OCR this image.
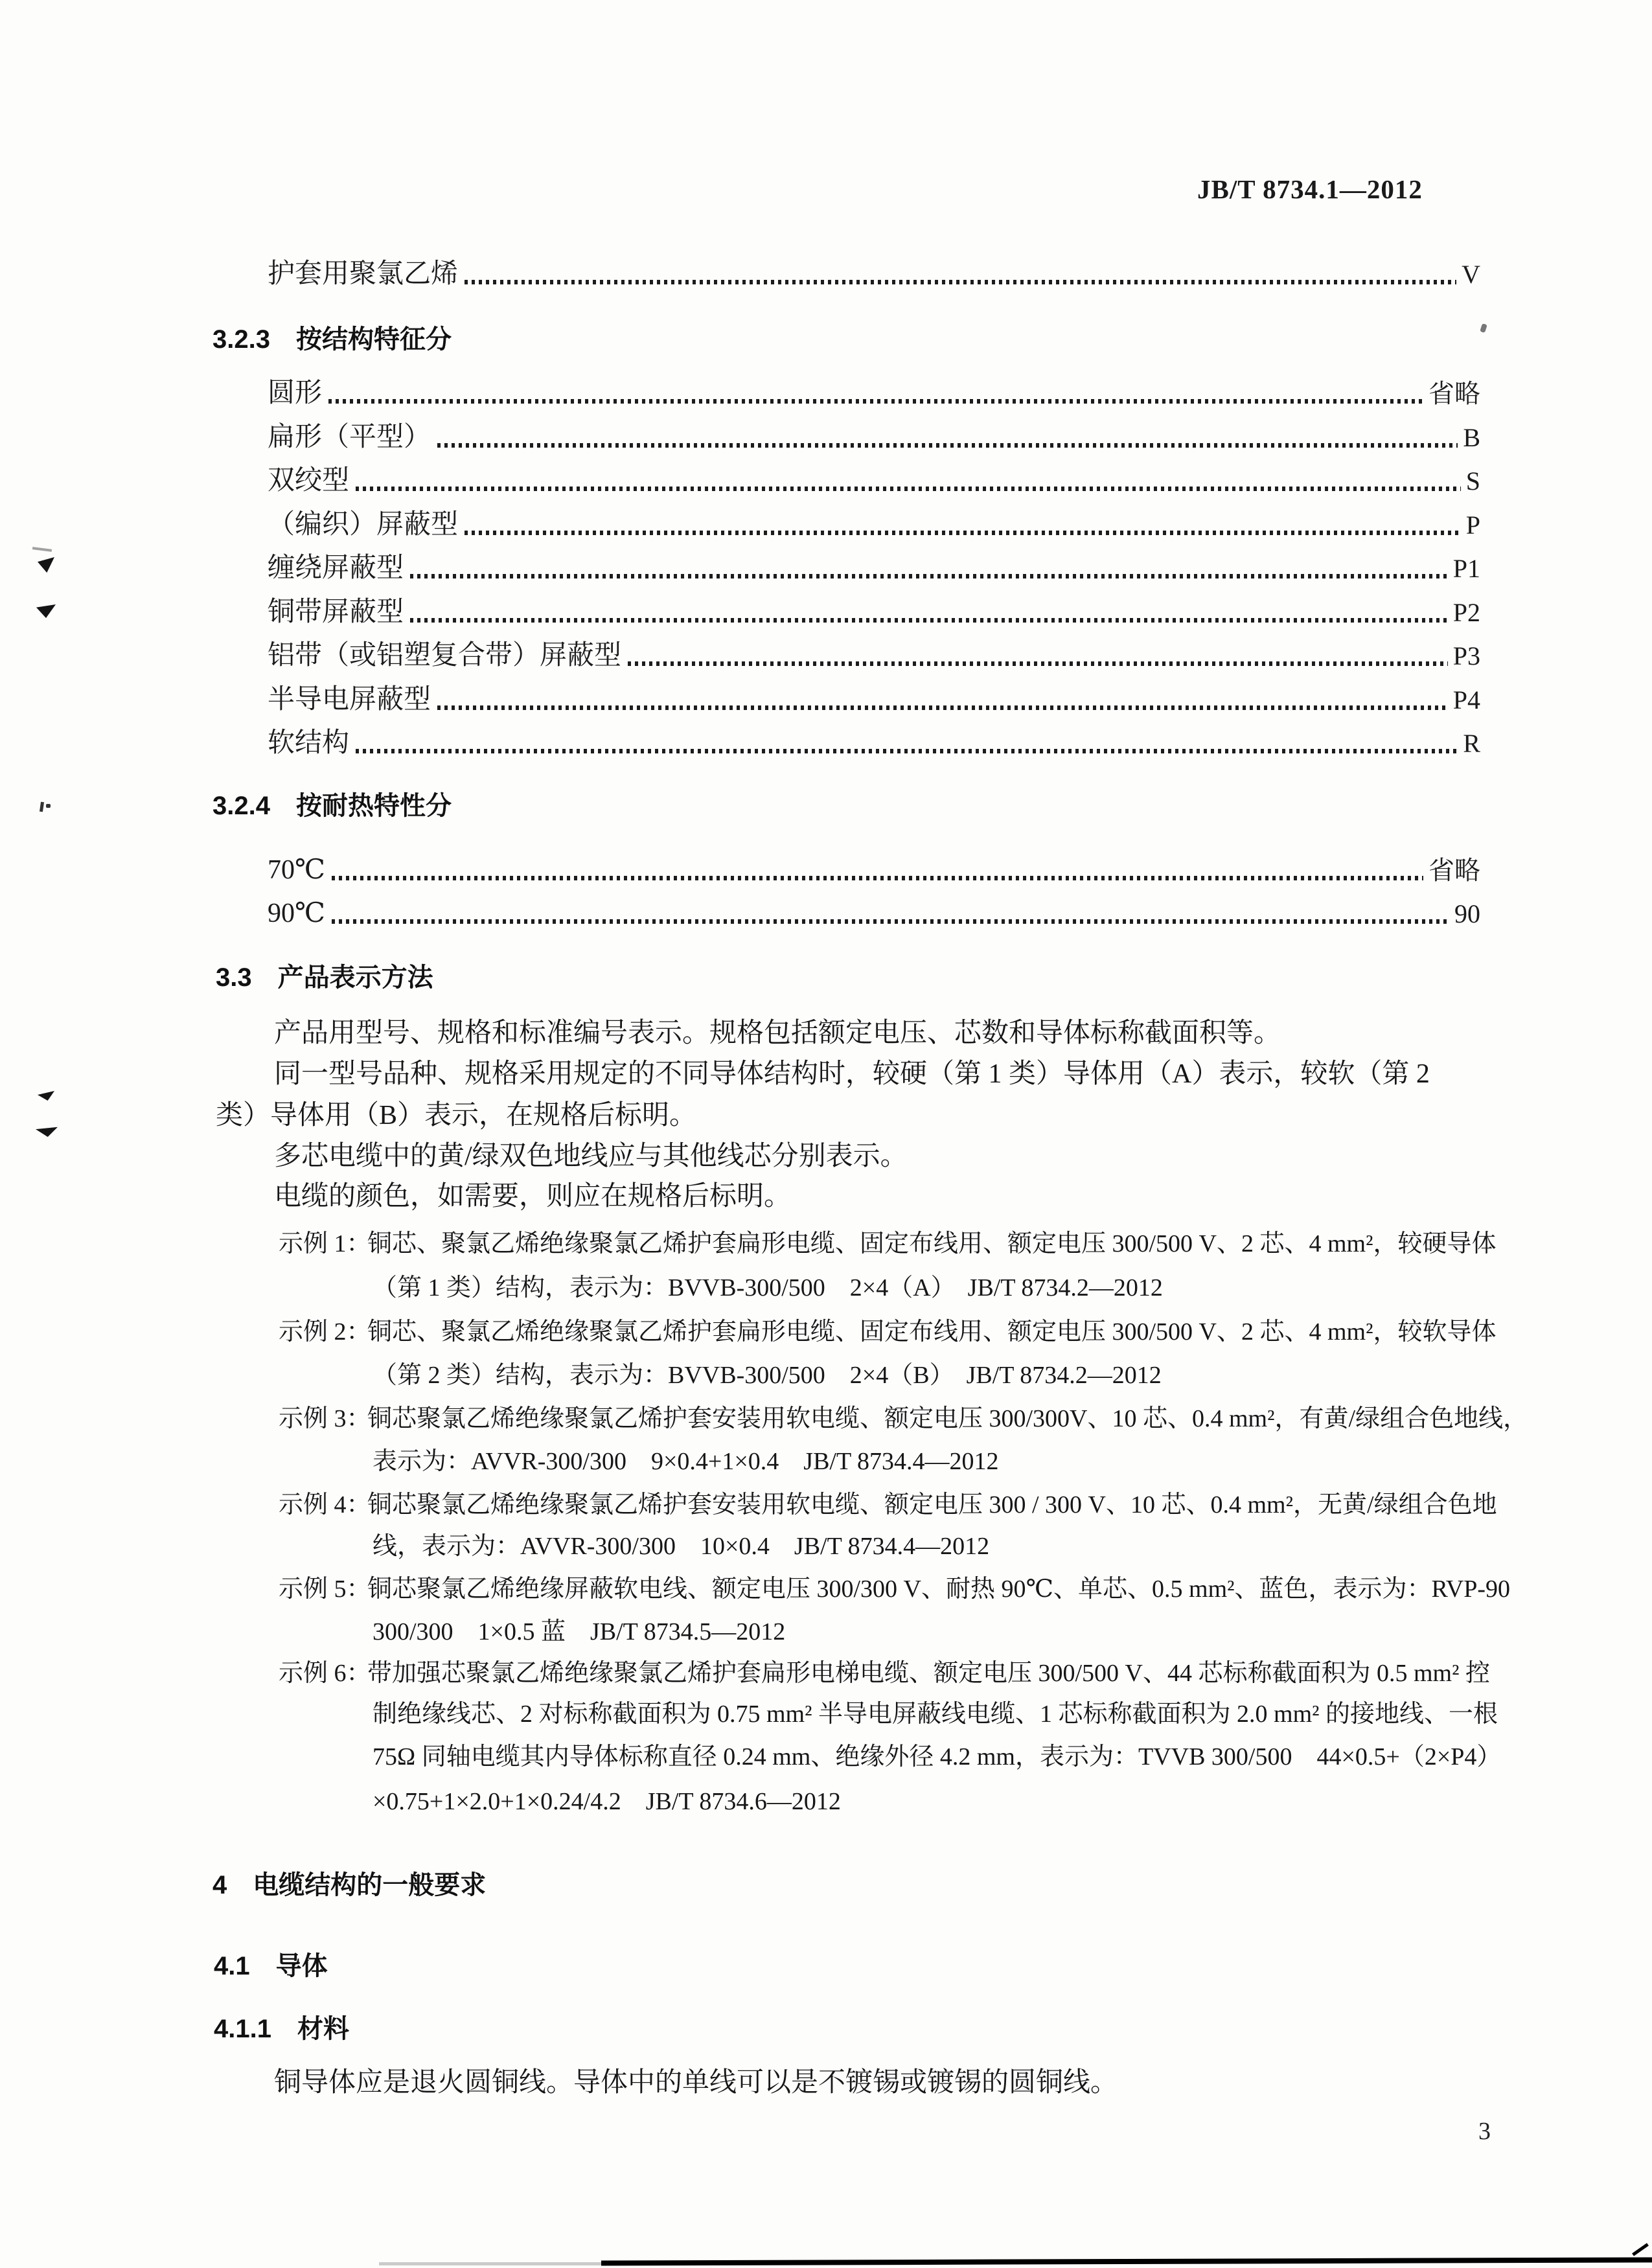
JB/T 8734.1—2012
护套用聚氯乙烯	V
3.2.3 按结构特征分
圆形	省略
扁形（平型）	B
双绞型	S
（编织）屏蔽型	P
缠绕屏蔽型	P1
铜带屏蔽型	P2
铝带（或铝塑复合带）屏蔽型	P3
半导电屏蔽型	P4
软结构	R
3.2.4 按耐热特性分
70℃	省略
90℃	90
3.3 产品表示方法
产品用型号、规格和标准编号表示。规格包括额定电压、芯数和导体标称截面积等。
同一型号品种、规格采用规定的不同导体结构时，较硬（第 1 类）导体用（A）表示，较软（第 2
类）导体用（B）表示，在规格后标明。
多芯电缆中的黄/绿双色地线应与其他线芯分别表示。
电缆的颜色，如需要，则应在规格后标明。
示例 1：
铜芯、聚氯乙烯绝缘聚氯乙烯护套扁形电缆、固定布线用、额定电压 300/500 V、2 芯、4 mm²，较硬导体
（第 1 类）结构，表示为：BVVB-300/500　2×4（A）　JB/T 8734.2—2012
示例 2：
铜芯、聚氯乙烯绝缘聚氯乙烯护套扁形电缆、固定布线用、额定电压 300/500 V、2 芯、4 mm²，较软导体
（第 2 类）结构，表示为：BVVB-300/500　2×4（B）　JB/T 8734.2—2012
示例 3：
铜芯聚氯乙烯绝缘聚氯乙烯护套安装用软电缆、额定电压 300/300V、10 芯、0.4 mm²，有黄/绿组合色地线，
表示为：AVVR-300/300　9×0.4+1×0.4　JB/T 8734.4—2012
示例 4：
铜芯聚氯乙烯绝缘聚氯乙烯护套安装用软电缆、额定电压 300 / 300 V、10 芯、0.4 mm²，无黄/绿组合色地
线，表示为：AVVR-300/300　10×0.4　JB/T 8734.4—2012
示例 5：
铜芯聚氯乙烯绝缘屏蔽软电线、额定电压 300/300 V、耐热 90℃、单芯、0.5 mm²、蓝色，表示为：RVP-90
300/300　1×0.5 蓝　JB/T 8734.5—2012
示例 6：
带加强芯聚氯乙烯绝缘聚氯乙烯护套扁形电梯电缆、额定电压 300/500 V、44 芯标称截面积为 0.5 mm² 控
制绝缘线芯、2 对标称截面积为 0.75 mm² 半导电屏蔽线电缆、1 芯标称截面积为 2.0 mm² 的接地线、一根
75Ω 同轴电缆其内导体标称直径 0.24 mm、绝缘外径 4.2 mm，表示为：TVVB 300/500　44×0.5+（2×P4）
×0.75+1×2.0+1×0.24/4.2　JB/T 8734.6—2012
4 电缆结构的一般要求
4.1 导体
4.1.1 材料
铜导体应是退火圆铜线。导体中的单线可以是不镀锡或镀锡的圆铜线。
3
